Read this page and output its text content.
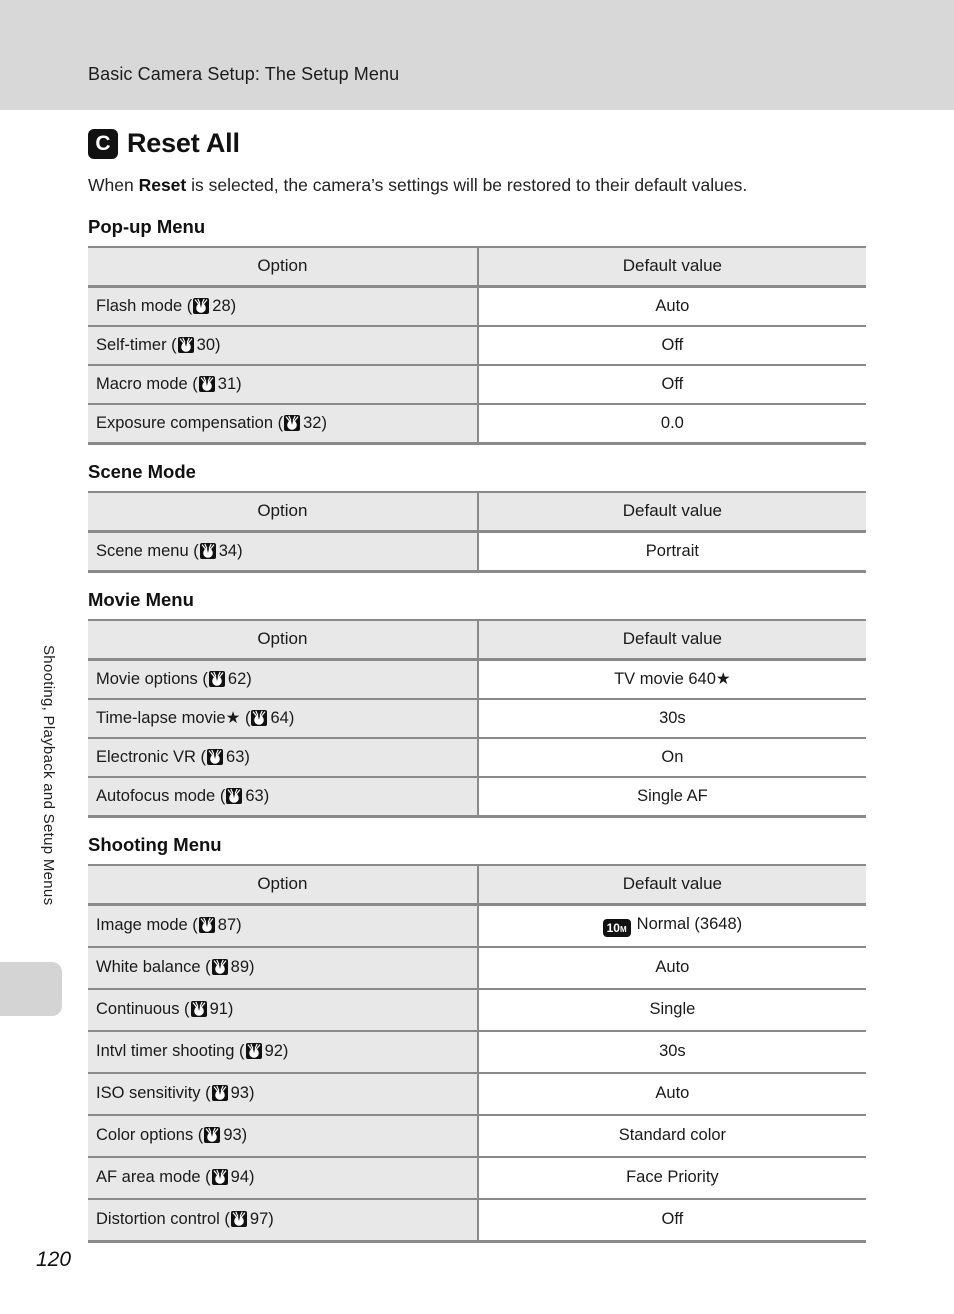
Basic Camera Setup: The Setup Menu
C Reset All

When Reset is selected, the camera’s settings will be restored to their default values.

Pop-up Menu
Option	Default value
Flash mode ( 28)	Auto
Self-timer ( 30)	Off
Macro mode ( 31)	Off
Exposure compensation ( 32)	0.0
Scene Mode
Option	Default value
Scene menu ( 34)	Portrait
Movie Menu
Option	Default value
Movie options ( 62)	TV movie 640★
Time-lapse movie★ ( 64)	30s
Electronic VR ( 63)	On
Autofocus mode ( 63)	Single AF
Shooting Menu
Option	Default value
Image mode ( 87)	10M Normal (3648)
White balance ( 89)	Auto
Continuous ( 91)	Single
Intvl timer shooting ( 92)	30s
ISO sensitivity ( 93)	Auto
Color options ( 93)	Standard color
AF area mode ( 94)	Face Priority
Distortion control ( 97)	Off
Shooting, Playback and Setup Menus
120
